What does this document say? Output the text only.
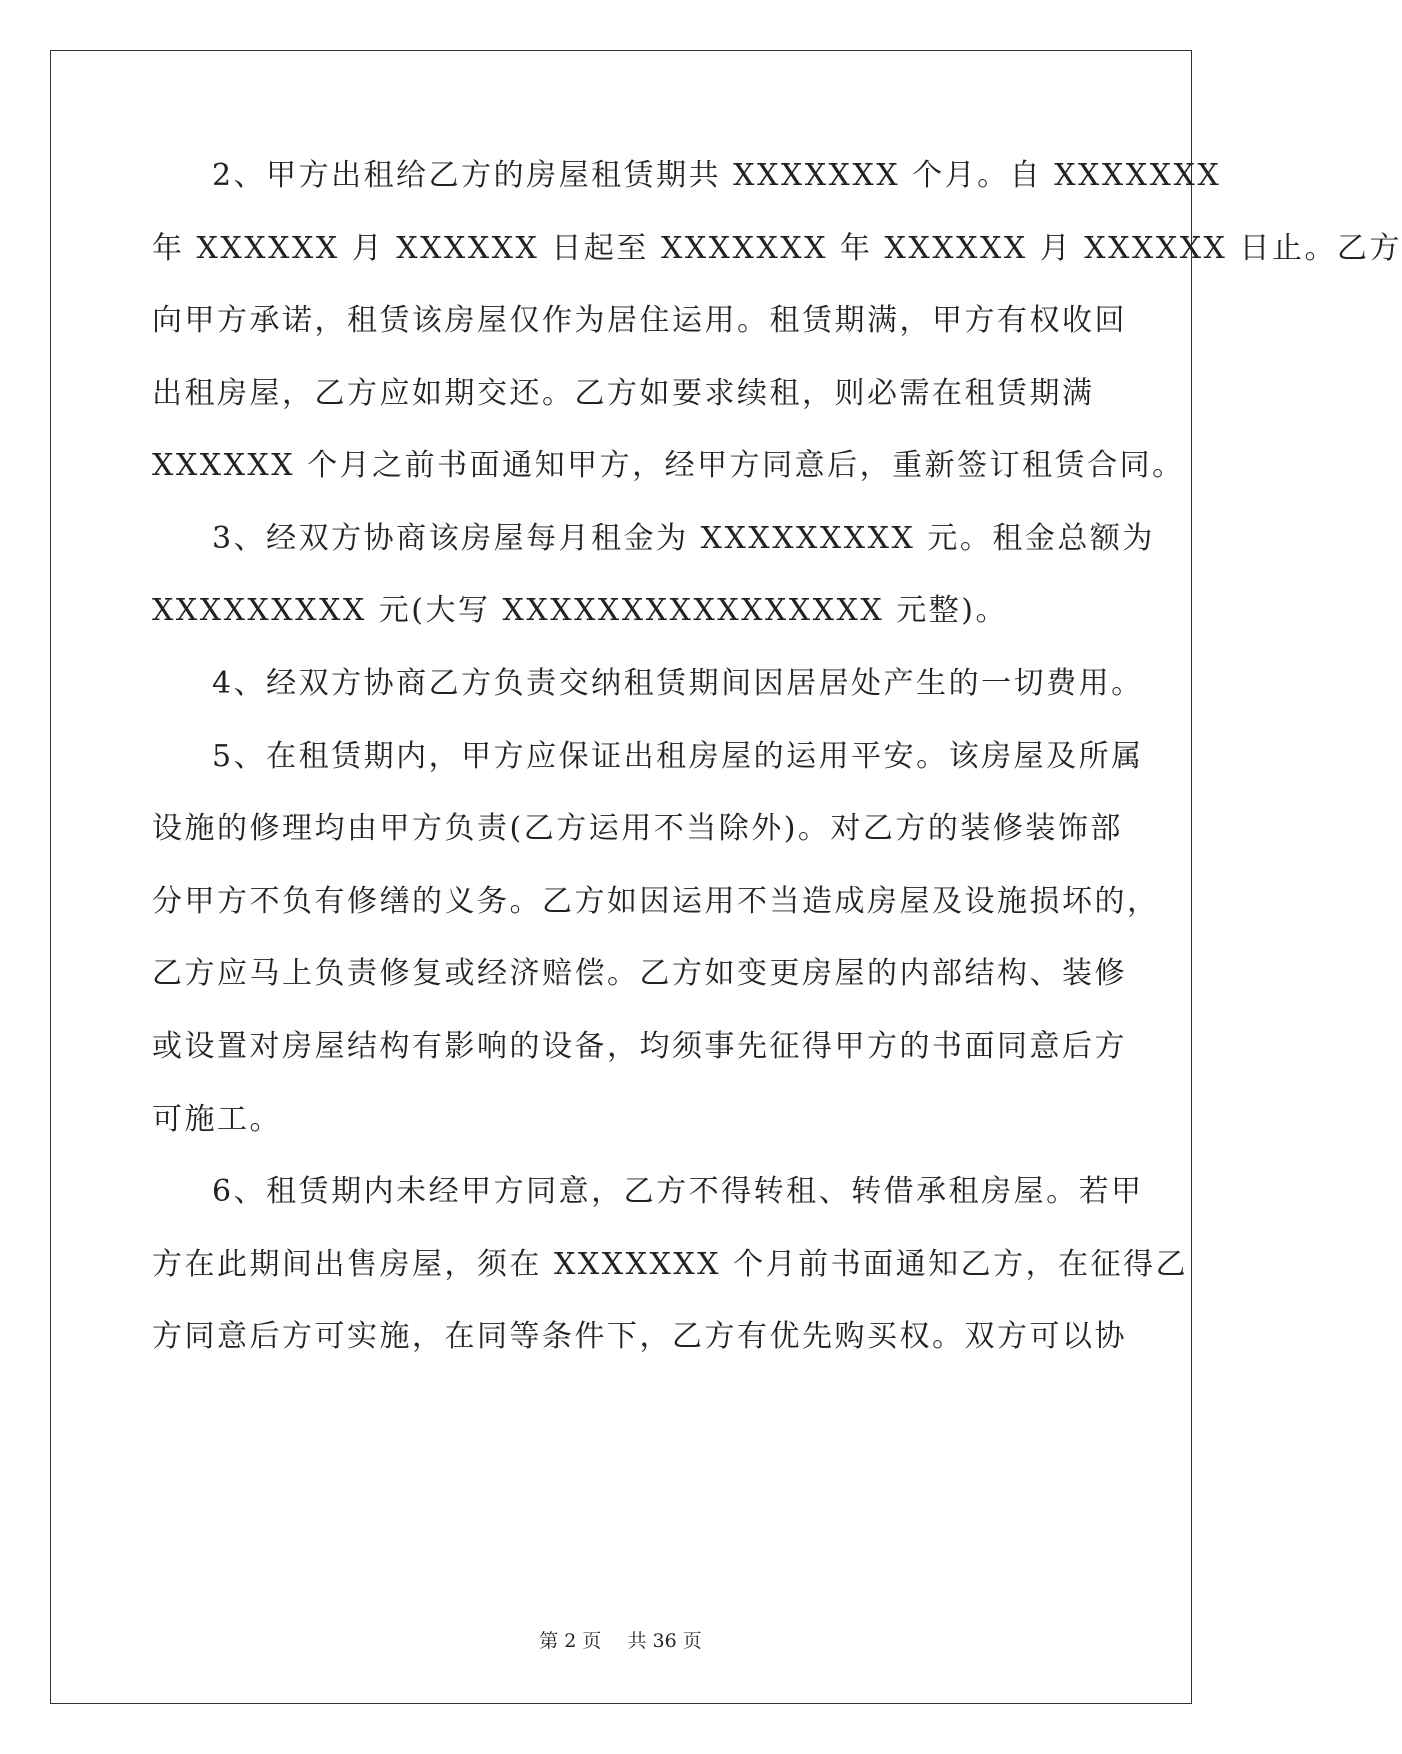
2、甲方出租给乙方的房屋租赁期共 XXXXXXX 个月。自 XXXXXXX
年 XXXXXX 月 XXXXXX 日起至 XXXXXXX 年 XXXXXX 月 XXXXXX 日止。乙方
向甲方承诺，租赁该房屋仅作为居住运用。租赁期满，甲方有权收回
出租房屋，乙方应如期交还。乙方如要求续租，则必需在租赁期满
XXXXXX 个月之前书面通知甲方，经甲方同意后，重新签订租赁合同。
3、经双方协商该房屋每月租金为 XXXXXXXXX 元。租金总额为
XXXXXXXXX 元(大写 XXXXXXXXXXXXXXXX 元整)。
4、经双方协商乙方负责交纳租赁期间因居居处产生的一切费用。
5、在租赁期内，甲方应保证出租房屋的运用平安。该房屋及所属
设施的修理均由甲方负责(乙方运用不当除外)。对乙方的装修装饰部
分甲方不负有修缮的义务。乙方如因运用不当造成房屋及设施损坏的，
乙方应马上负责修复或经济赔偿。乙方如变更房屋的内部结构、装修
或设置对房屋结构有影响的设备，均须事先征得甲方的书面同意后方
可施工。
6、租赁期内未经甲方同意，乙方不得转租、转借承租房屋。若甲
方在此期间出售房屋，须在 XXXXXXX 个月前书面通知乙方，在征得乙
方同意后方可实施，在同等条件下，乙方有优先购买权。双方可以协
第 2 页 共 36 页
